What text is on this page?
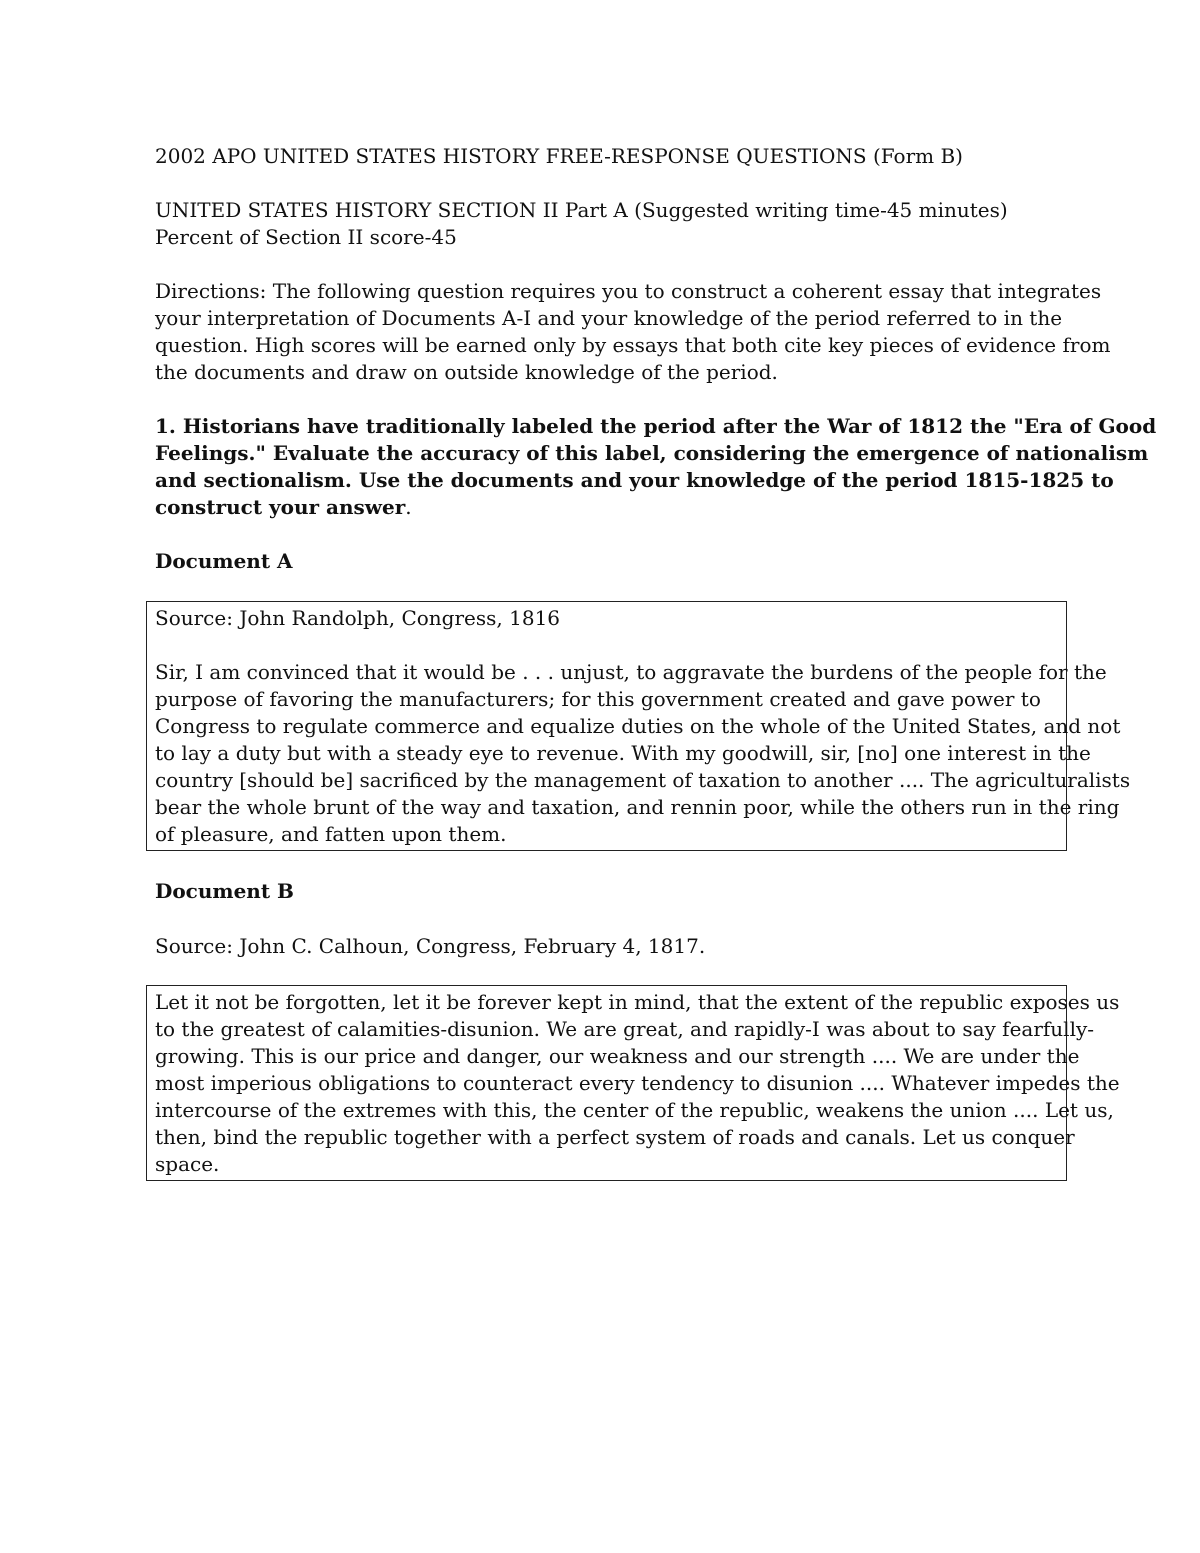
2002 APO UNITED STATES HISTORY FREE-RESPONSE QUESTIONS (Form B)
UNITED STATES HISTORY SECTION II Part A (Suggested writing time-45 minutes)
Percent of Section II score-45
Directions: The following question requires you to construct a coherent essay that integrates
your interpretation of Documents A-I and your knowledge of the period referred to in the
question. High scores will be earned only by essays that both cite key pieces of evidence from
the documents and draw on outside knowledge of the period.
1. Historians have traditionally labeled the period after the War of 1812 the "Era of Good
Feelings." Evaluate the accuracy of this label, considering the emergence of nationalism
and sectionalism. Use the documents and your knowledge of the period 1815-1825 to
construct your answer.
Document A
Source: John Randolph, Congress, 1816
Sir, I am convinced that it would be . . . unjust, to aggravate the burdens of the people for the
purpose of favoring the manufacturers; for this government created and gave power to
Congress to regulate commerce and equalize duties on the whole of the United States, and not
to lay a duty but with a steady eye to revenue. With my goodwill, sir, [no] one interest in the
country [should be] sacrificed by the management of taxation to another .... The agriculturalists
bear the whole brunt of the way and taxation, and rennin poor, while the others run in the ring
of pleasure, and fatten upon them.
Document B
Source: John C. Calhoun, Congress, February 4, 1817.
Let it not be forgotten, let it be forever kept in mind, that the extent of the republic exposes us
to the greatest of calamities-disunion. We are great, and rapidly-I was about to say fearfully-
growing. This is our price and danger, our weakness and our strength .... We are under the
most imperious obligations to counteract every tendency to disunion .... Whatever impedes the
intercourse of the extremes with this, the center of the republic, weakens the union .... Let us,
then, bind the republic together with a perfect system of roads and canals. Let us conquer
space.
